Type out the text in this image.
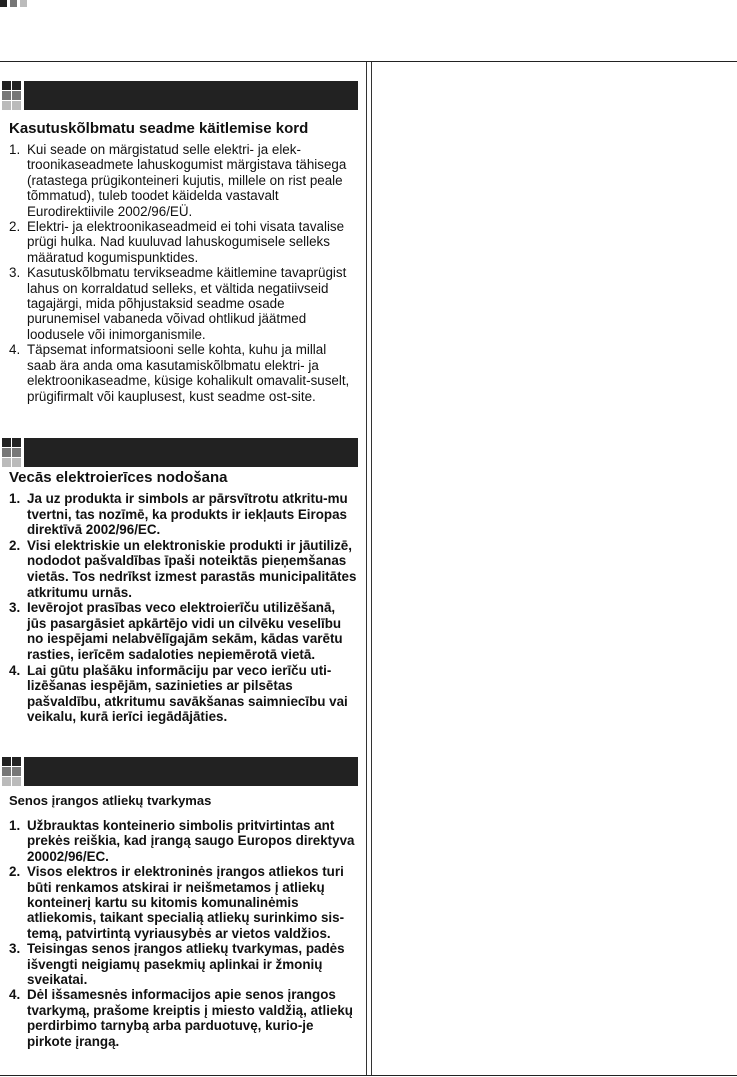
Kasutuskõlbmatu seadme käitlemise kord
1. Kui seade on märgistatud selle elektri- ja elek-troonikaseadmete lahuskogumist märgistava tähisega (ratastega prügikonteineri kujutis, millele on rist peale tõmmatud), tuleb toodet käidelda vastavalt Eurodirektiivile 2002/96/EÜ.
2. Elektri- ja elektroonikaseadmeid ei tohi visata tavalise prügi hulka. Nad kuuluvad lahuskogumisele selleks määratud kogumispunktides.
3. Kasutuskõlbmatu tervikseadme käitlemine tavaprügist lahus on korraldatud selleks, et vältida negatiivseid tagajärgi, mida põhjustaksid seadme osade purunemisel vabaneda võivad ohtlikud jäätmed loodusele või inimorganismile.
4. Täpsemat informatsiooni selle kohta, kuhu ja millal saab ära anda oma kasutamiskõlbmatu elektri- ja elektroonikaseadme, küsige kohalikult omavalit-suselt, prügifirmalt või kauplusest, kust seadme ost-site.
Vecās elektroierīces nodošana
1. Ja uz produkta ir simbols ar pārsvītrotu atkritu-mu tvertni, tas nozīmē, ka produkts ir iekļauts Eiropas direktīvā 2002/96/EC.
2. Visi elektriskie un elektroniskie produkti ir jāutilizē, nododot pašvaldības īpaši noteiktās pieņemšanas vietās. Tos nedrīkst izmest parastās municipalitātes atkritumu urnās.
3. Ievērojot prasības veco elektroierīču utilizēšanā, jūs pasargāsiet apkārtējo vidi un cilvēku veselību no iespējami nelabvēlīgajām sekām, kādas varētu rasties, ierīcēm sadaloties nepiemērotā vietā.
4. Lai gūtu plašāku informāciju par veco ierīču uti-lizēšanas iespējām, sazinieties ar pilsētas pašvaldību, atkritumu savākšanas saimniecību vai veikalu, kurā ierīci iegādājāties.
Senos įrangos atliekų tvarkymas
1. Užbrauktas konteinerio simbolis pritvirtintas ant prekės reiškia, kad įrangą saugo Europos direktyva 20002/96/EC.
2. Visos elektros ir elektroninės įrangos atliekos turi būti renkamos atskirai ir neišmetamos į atliekų konteinerį kartu su kitomis komunalinėmis atliekomis, taikant specialią atliekų surinkimo sis-temą, patvirtintą vyriausybės ar vietos valdžios.
3. Teisingas senos įrangos atliekų tvarkymas, padės išvengti neigiamų pasekmių aplinkai ir žmonių sveikatai.
4. Dėl išsamesnės informacijos apie senos įrangos tvarkymą, prašome kreiptis į miesto valdžią, atliekų perdirbimo tarnybą arba parduotuvę, kurio-je pirkote įrangą.
